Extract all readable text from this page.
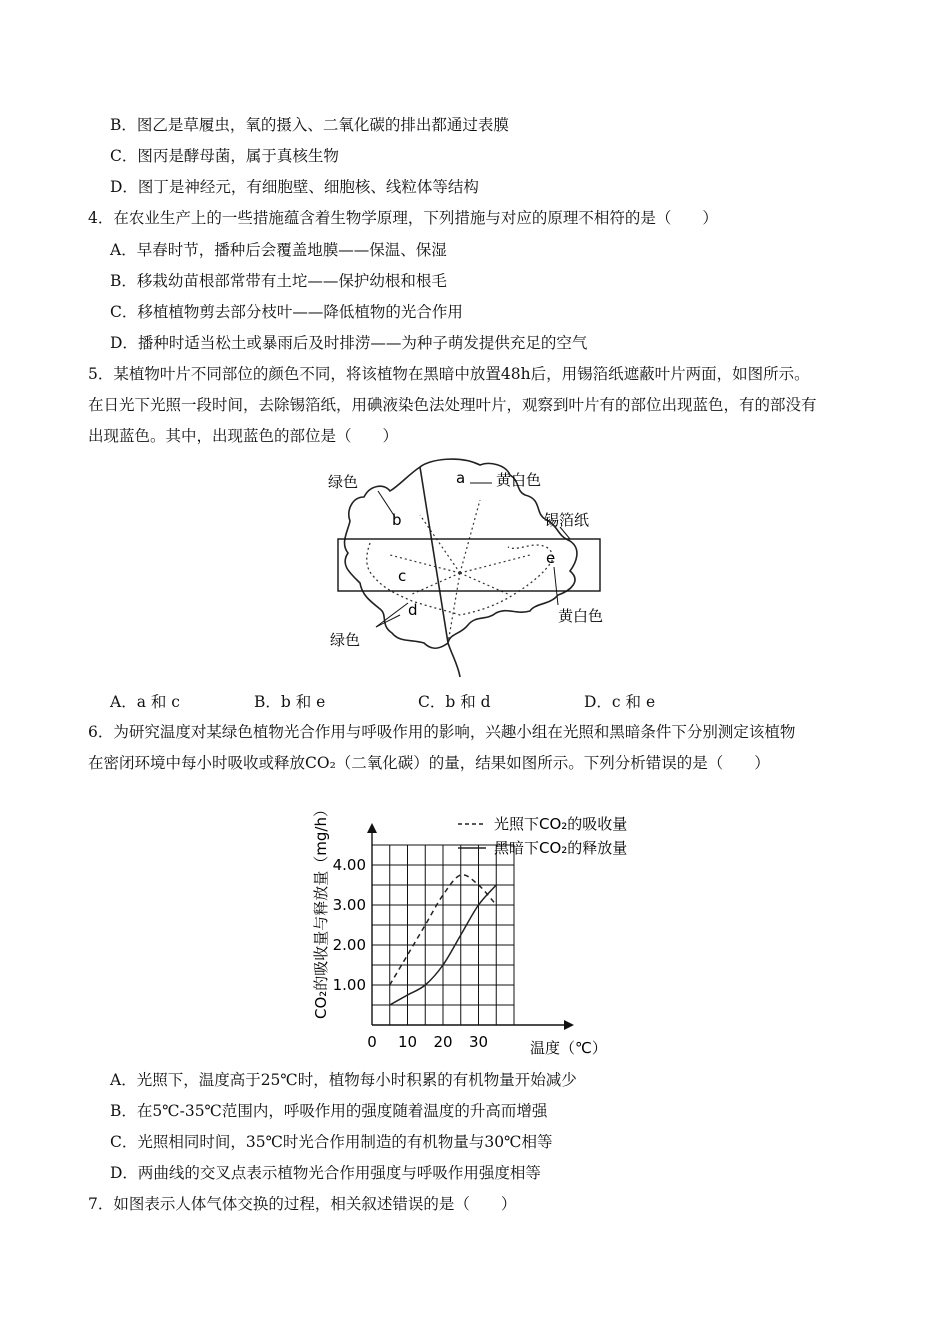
B．图乙是草履虫，氧的摄入、二氧化碳的排出都通过表膜
C．图丙是酵母菌，属于真核生物
D．图丁是神经元，有细胞壁、细胞核、线粒体等结构
4．在农业生产上的一些措施蕴含着生物学原理，下列措施与对应的原理不相符的是（　　）
A．早春时节，播种后会覆盖地膜——保温、保湿
B．移栽幼苗根部常带有土坨——保护幼根和根毛
C．移植植物剪去部分枝叶——降低植物的光合作用
D．播种时适当松土或暴雨后及时排涝——为种子萌发提供充足的空气
5．某植物叶片不同部位的颜色不同，将该植物在黑暗中放置48h后，用锡箔纸遮蔽叶片两面，如图所示。
在日光下光照一段时间，去除锡箔纸，用碘液染色法处理叶片，观察到叶片有的部位出现蓝色，有的部没有
出现蓝色。其中，出现蓝色的部位是（　　）
绿色	a 黄白色
b	锡箔纸
c
e
d	黄白色
绿色
A．a 和 c	B．b 和 e	C．b 和 d	D．c 和 e
6．为研究温度对某绿色植物光合作用与呼吸作用的影响，兴趣小组在光照和黑暗条件下分别测定该植物
在密闭环境中每小时吸收或释放CO₂（二氧化碳）的量，结果如图所示。下列分析错误的是（　　）
1.00
2.00
3.00
4.00
0 10 20 30
光照下CO₂的吸收量
黑暗下CO₂的释放量
CO₂的吸收量与释放量（mg/h）
温度（℃）
A．光照下，温度高于25℃时，植物每小时积累的有机物量开始减少
B．在5℃-35℃范围内，呼吸作用的强度随着温度的升高而增强
C．光照相同时间，35℃时光合作用制造的有机物量与30℃相等
D．两曲线的交叉点表示植物光合作用强度与呼吸作用强度相等
7．如图表示人体气体交换的过程，相关叙述错误的是（　　）
